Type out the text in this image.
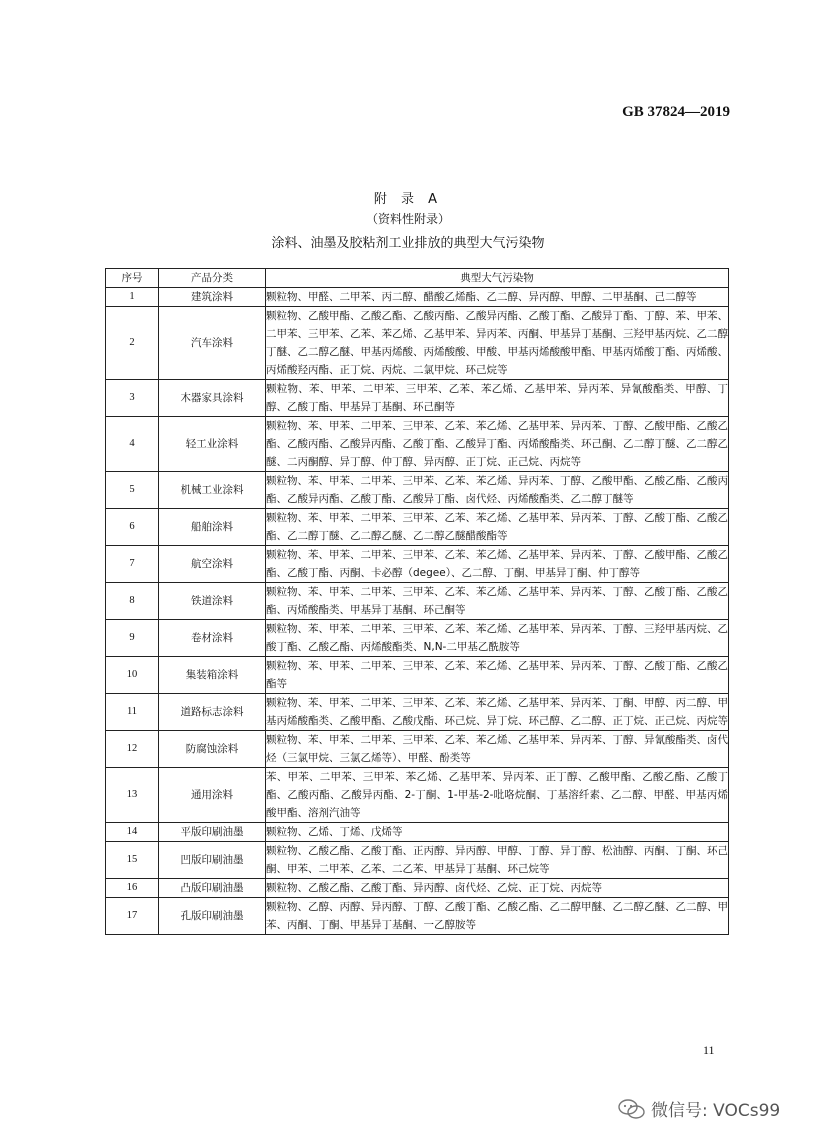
GB 37824—2019
附 录 A
（资料性附录）
涂料、油墨及胶粘剂工业排放的典型大气污染物
序号	产品分类	典型大气污染物
1	建筑涂料	颗粒物、甲醛、二甲苯、丙二醇、醋酸乙烯酯、乙二醇、异丙醇、甲醇、二甲基酮、己二醇等
2	汽车涂料	颗粒物、乙酸甲酯、乙酸乙酯、乙酸丙酯、乙酸异丙酯、乙酸丁酯、乙酸异丁酯、丁醇、苯、甲苯、二甲苯、三甲苯、乙苯、苯乙烯、乙基甲苯、异丙苯、丙酮、甲基异丁基酮、三羟甲基丙烷、乙二醇丁醚、乙二醇乙醚、甲基丙烯酸、丙烯酸酸、甲酸、甲基丙烯酸酸甲酯、甲基丙烯酸丁酯、丙烯酸、丙烯酸羟丙酯、正丁烷、丙烷、二氯甲烷、环己烷等
3	木器家具涂料	颗粒物、苯、甲苯、二甲苯、三甲苯、乙苯、苯乙烯、乙基甲苯、异丙苯、异氰酸酯类、甲醇、丁醇、乙酸丁酯、甲基异丁基酮、环己酮等
4	轻工业涂料	颗粒物、苯、甲苯、二甲苯、三甲苯、乙苯、苯乙烯、乙基甲苯、异丙苯、丁醇、乙酸甲酯、乙酸乙酯、乙酸丙酯、乙酸异丙酯、乙酸丁酯、乙酸异丁酯、丙烯酸酯类、环己酮、乙二醇丁醚、乙二醇乙醚、二丙酮醇、异丁醇、仲丁醇、异丙醇、正丁烷、正己烷、丙烷等
5	机械工业涂料	颗粒物、苯、甲苯、二甲苯、三甲苯、乙苯、苯乙烯、异丙苯、丁醇、乙酸甲酯、乙酸乙酯、乙酸丙酯、乙酸异丙酯、乙酸丁酯、乙酸异丁酯、卤代烃、丙烯酸酯类、乙二醇丁醚等
6	船舶涂料	颗粒物、苯、甲苯、二甲苯、三甲苯、乙苯、苯乙烯、乙基甲苯、异丙苯、丁醇、乙酸丁酯、乙酸乙酯、乙二醇丁醚、乙二醇乙醚、乙二醇乙醚醋酸酯等
7	航空涂料	颗粒物、苯、甲苯、二甲苯、三甲苯、乙苯、苯乙烯、乙基甲苯、异丙苯、丁醇、乙酸甲酯、乙酸乙酯、乙酸丁酯、丙酮、卡必醇（degee）、乙二醇、丁酮、甲基异丁酮、仲丁醇等
8	铁道涂料	颗粒物、苯、甲苯、二甲苯、三甲苯、乙苯、苯乙烯、乙基甲苯、异丙苯、丁醇、乙酸丁酯、乙酸乙酯、丙烯酸酯类、甲基异丁基酮、环己酮等
9	卷材涂料	颗粒物、苯、甲苯、二甲苯、三甲苯、乙苯、苯乙烯、乙基甲苯、异丙苯、丁醇、三羟甲基丙烷、乙酸丁酯、乙酸乙酯、丙烯酸酯类、N,N-二甲基乙酰胺等
10	集装箱涂料	颗粒物、苯、甲苯、二甲苯、三甲苯、乙苯、苯乙烯、乙基甲苯、异丙苯、丁醇、乙酸丁酯、乙酸乙酯等
11	道路标志涂料	颗粒物、苯、甲苯、二甲苯、三甲苯、乙苯、苯乙烯、乙基甲苯、异丙苯、丁酮、甲醇、丙二醇、甲基丙烯酸酯类、乙酸甲酯、乙酸戊酯、环己烷、异丁烷、环己醇、乙二醇、正丁烷、正己烷、丙烷等
12	防腐蚀涂料	颗粒物、苯、甲苯、二甲苯、三甲苯、乙苯、苯乙烯、乙基甲苯、异丙苯、丁醇、异氰酸酯类、卤代烃（三氯甲烷、三氯乙烯等）、甲醛、酚类等
13	通用涂料	苯、甲苯、二甲苯、三甲苯、苯乙烯、乙基甲苯、异丙苯、正丁醇、乙酸甲酯、乙酸乙酯、乙酸丁酯、乙酸丙酯、乙酸异丙酯、2-丁酮、1-甲基-2-吡咯烷酮、丁基溶纤素、乙二醇、甲醛、甲基丙烯酸甲酯、溶剂汽油等
14	平版印刷油墨	颗粒物、乙烯、丁烯、戊烯等
15	凹版印刷油墨	颗粒物、乙酸乙酯、乙酸丁酯、正丙醇、异丙醇、甲醇、丁醇、异丁醇、松油醇、丙酮、丁酮、环己酮、甲苯、二甲苯、乙苯、二乙苯、甲基异丁基酮、环己烷等
16	凸版印刷油墨	颗粒物、乙酸乙酯、乙酸丁酯、异丙醇、卤代烃、乙烷、正丁烷、丙烷等
17	孔版印刷油墨	颗粒物、乙醇、丙醇、异丙醇、丁醇、乙酸丁酯、乙酸乙酯、乙二醇甲醚、乙二醇乙醚、乙二醇、甲苯、丙酮、丁酮、甲基异丁基酮、一乙醇胺等
11
微信号: VOCs99
